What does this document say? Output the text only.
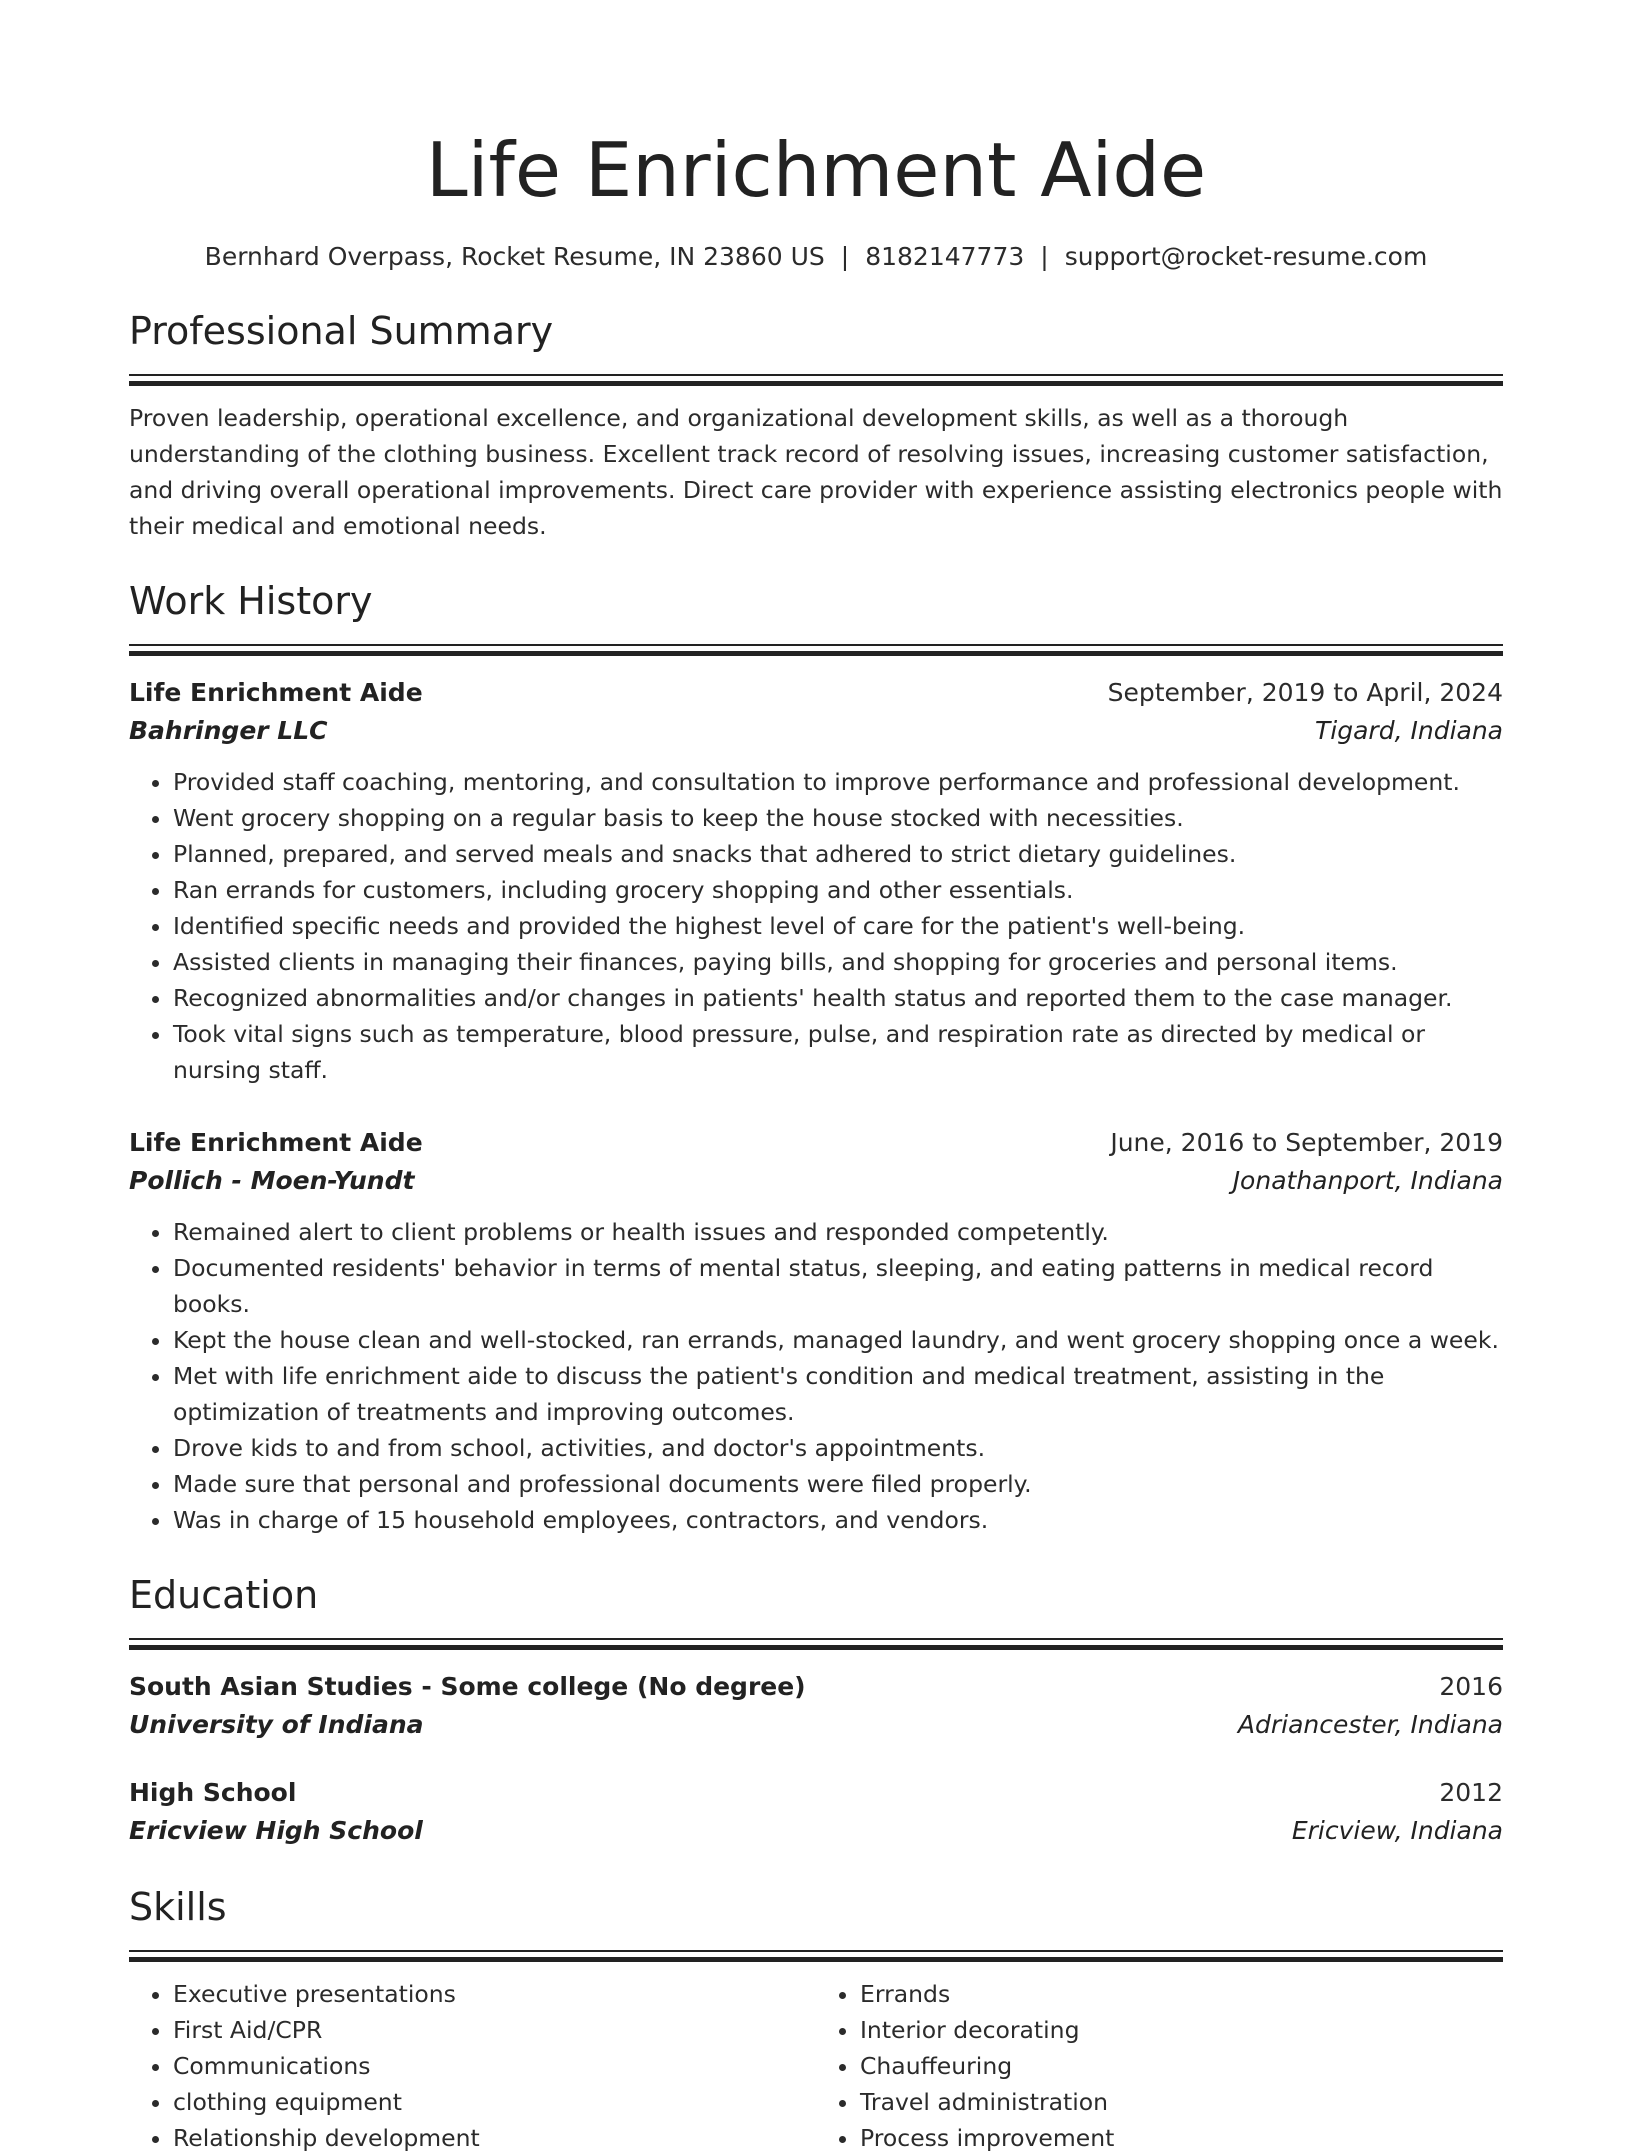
Life Enrichment Aide
Bernhard Overpass, Rocket Resume, IN 23860 US | 8182147773 | support@rocket-resume.com
Professional Summary

Proven leadership, operational excellence, and organizational development skills, as well as a thorough understanding of the clothing business. Excellent track record of resolving issues, increasing customer satisfaction, and driving overall operational improvements. Direct care provider with experience assisting electronics people with their medical and emotional needs.

Work History
Life Enrichment Aide	September, 2019 to April, 2024
Bahringer LLC	Tigard, Indiana
• Provided staff coaching, mentoring, and consultation to improve performance and professional development.
• Went grocery shopping on a regular basis to keep the house stocked with necessities.
• Planned, prepared, and served meals and snacks that adhered to strict dietary guidelines.
• Ran errands for customers, including grocery shopping and other essentials.
• Identified specific needs and provided the highest level of care for the patient's well-being.
• Assisted clients in managing their finances, paying bills, and shopping for groceries and personal items.
• Recognized abnormalities and/or changes in patients' health status and reported them to the case manager.
• Took vital signs such as temperature, blood pressure, pulse, and respiration rate as directed by medical or nursing staff.
Life Enrichment Aide	June, 2016 to September, 2019
Pollich - Moen-Yundt	Jonathanport, Indiana
• Remained alert to client problems or health issues and responded competently.
• Documented residents' behavior in terms of mental status, sleeping, and eating patterns in medical record books.
• Kept the house clean and well-stocked, ran errands, managed laundry, and went grocery shopping once a week.
• Met with life enrichment aide to discuss the patient's condition and medical treatment, assisting in the optimization of treatments and improving outcomes.
• Drove kids to and from school, activities, and doctor's appointments.
• Made sure that personal and professional documents were filed properly.
• Was in charge of 15 household employees, contractors, and vendors.
Education
South Asian Studies - Some college (No degree)	2016
University of Indiana	Adriancester, Indiana
High School	2012
Ericview High School	Ericview, Indiana
Skills
• Executive presentations
• First Aid/CPR
• Communications
• clothing equipment
• Relationship development
• Errands
• Interior decorating
• Chauffeuring
• Travel administration
• Process improvement
